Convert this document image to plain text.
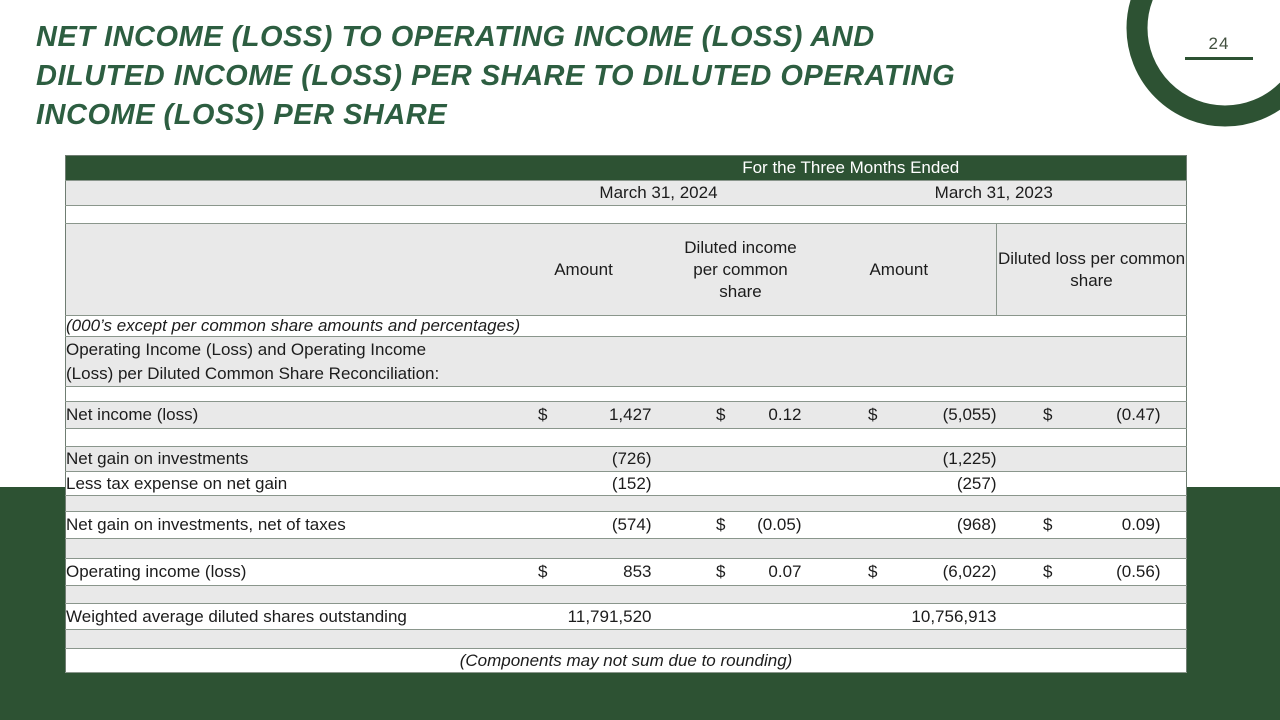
NET INCOME (LOSS) TO OPERATING INCOME (LOSS) AND
DILUTED INCOME (LOSS) PER SHARE TO DILUTED OPERATING
INCOME (LOSS) PER SHARE
24
	For the Three Months Ended								
	March 31, 2024				March 31, 2023				

	Amount		Diluted income per common share		Amount		Diluted loss per common share		
(000’s except per common share amounts and percentages)									

Operating Income (Loss) and Operating Income
(Loss) per Diluted Common Share Reconciliation:									

Net income (loss)	$	1,427	$	0.12	$	(5,055)	$	(0.47)	

Net gain on investments		(726)				(1,225)			
Less tax expense on net gain		(152)				(257)			

Net gain on investments, net of taxes		(574)	$	(0.05)		(968)	$	0.09)	

Operating income (loss)	$	853	$	0.07	$	(6,022)	$	(0.56)	

Weighted average diluted shares outstanding	11,791,520				10,756,913				

(Components may not sum due to rounding)									
